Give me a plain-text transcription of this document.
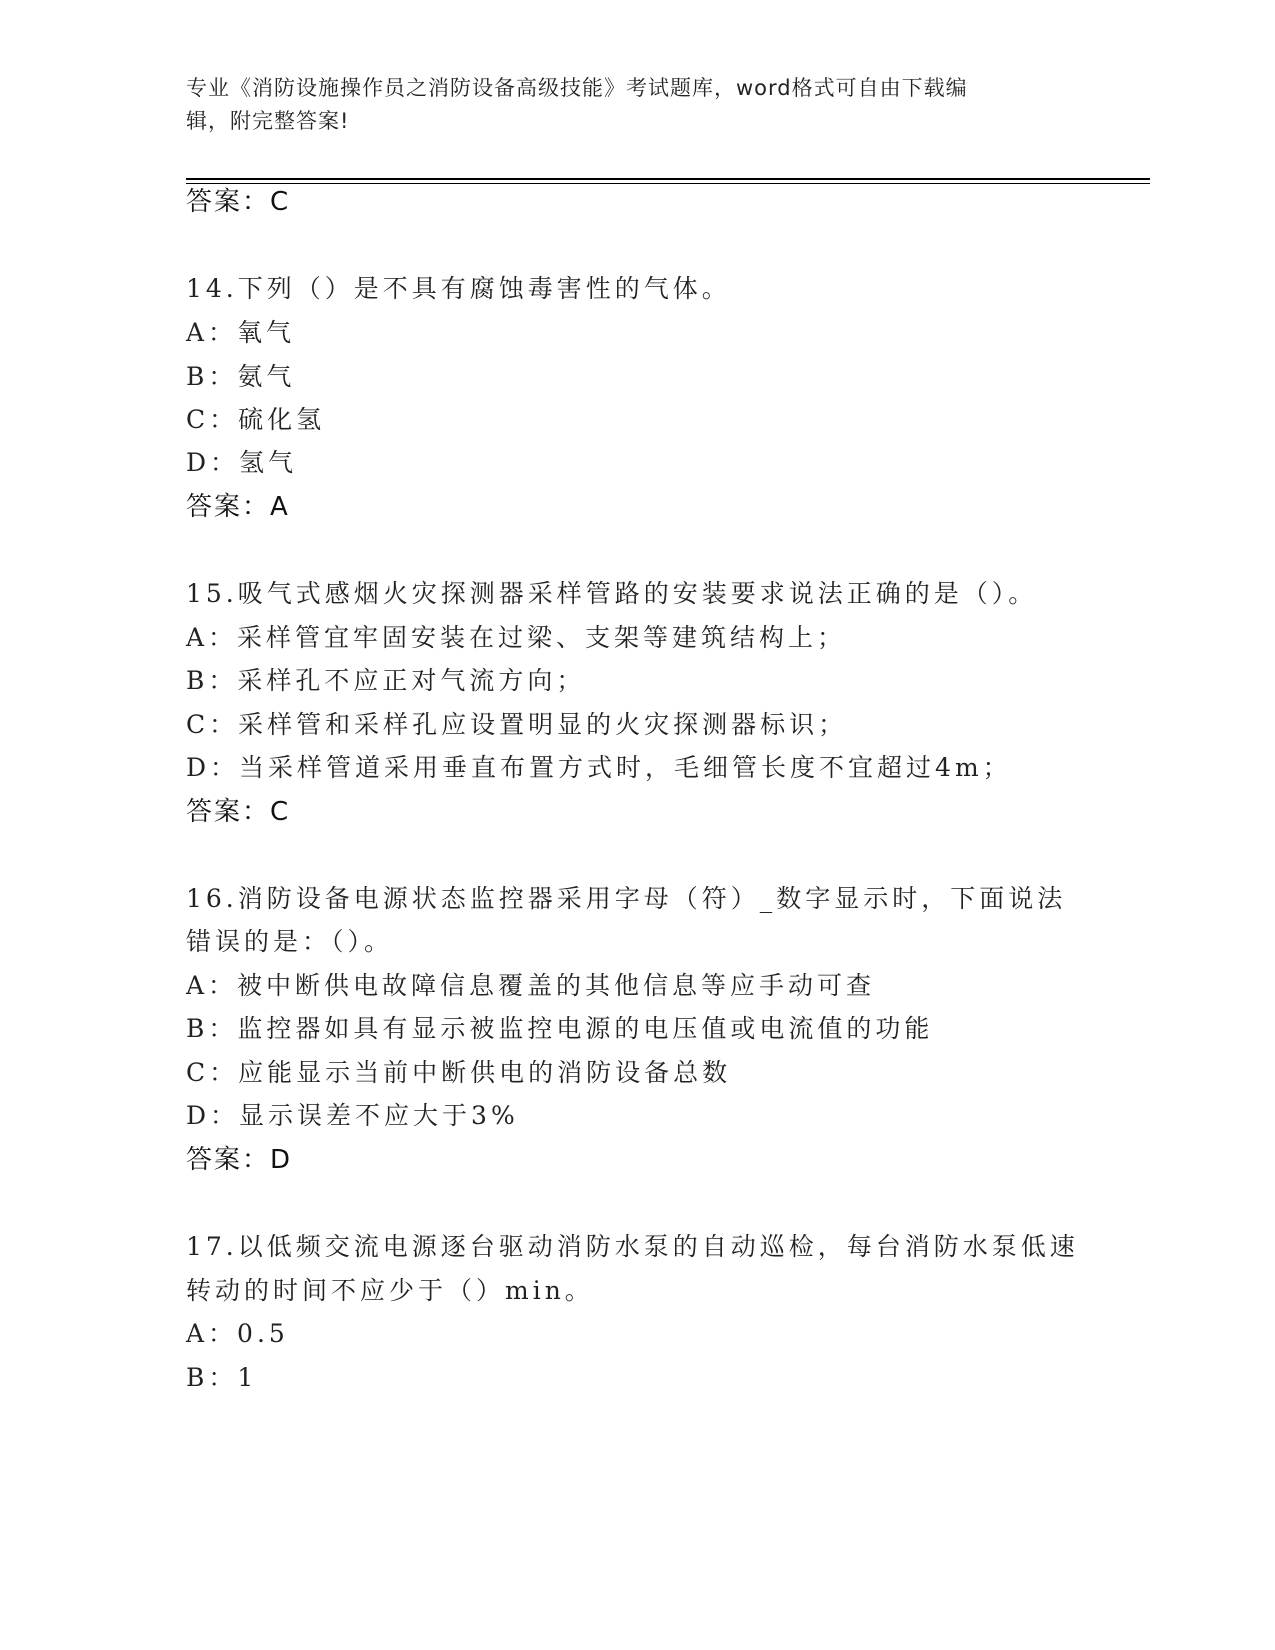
专业《消防设施操作员之消防设备高级技能》考试题库，word格式可自由下载编
辑，附完整答案!
答案：C
14.下列（）是不具有腐蚀毒害性的气体。
A：氧气
B：氨气
C：硫化氢
D：氢气
答案：A
15.吸气式感烟火灾探测器采样管路的安装要求说法正确的是（）。
A：采样管宜牢固安装在过梁、支架等建筑结构上；
B：采样孔不应正对气流方向；
C：采样管和采样孔应设置明显的火灾探测器标识；
D：当采样管道采用垂直布置方式时，毛细管长度不宜超过4m；
答案：C
16.消防设备电源状态监控器采用字母（符）_数字显示时，下面说法
错误的是：（）。
A：被中断供电故障信息覆盖的其他信息等应手动可查
B：监控器如具有显示被监控电源的电压值或电流值的功能
C：应能显示当前中断供电的消防设备总数
D：显示误差不应大于3%
答案：D
17.以低频交流电源逐台驱动消防水泵的自动巡检，每台消防水泵低速
转动的时间不应少于（）min。
A：0.5
B：1
